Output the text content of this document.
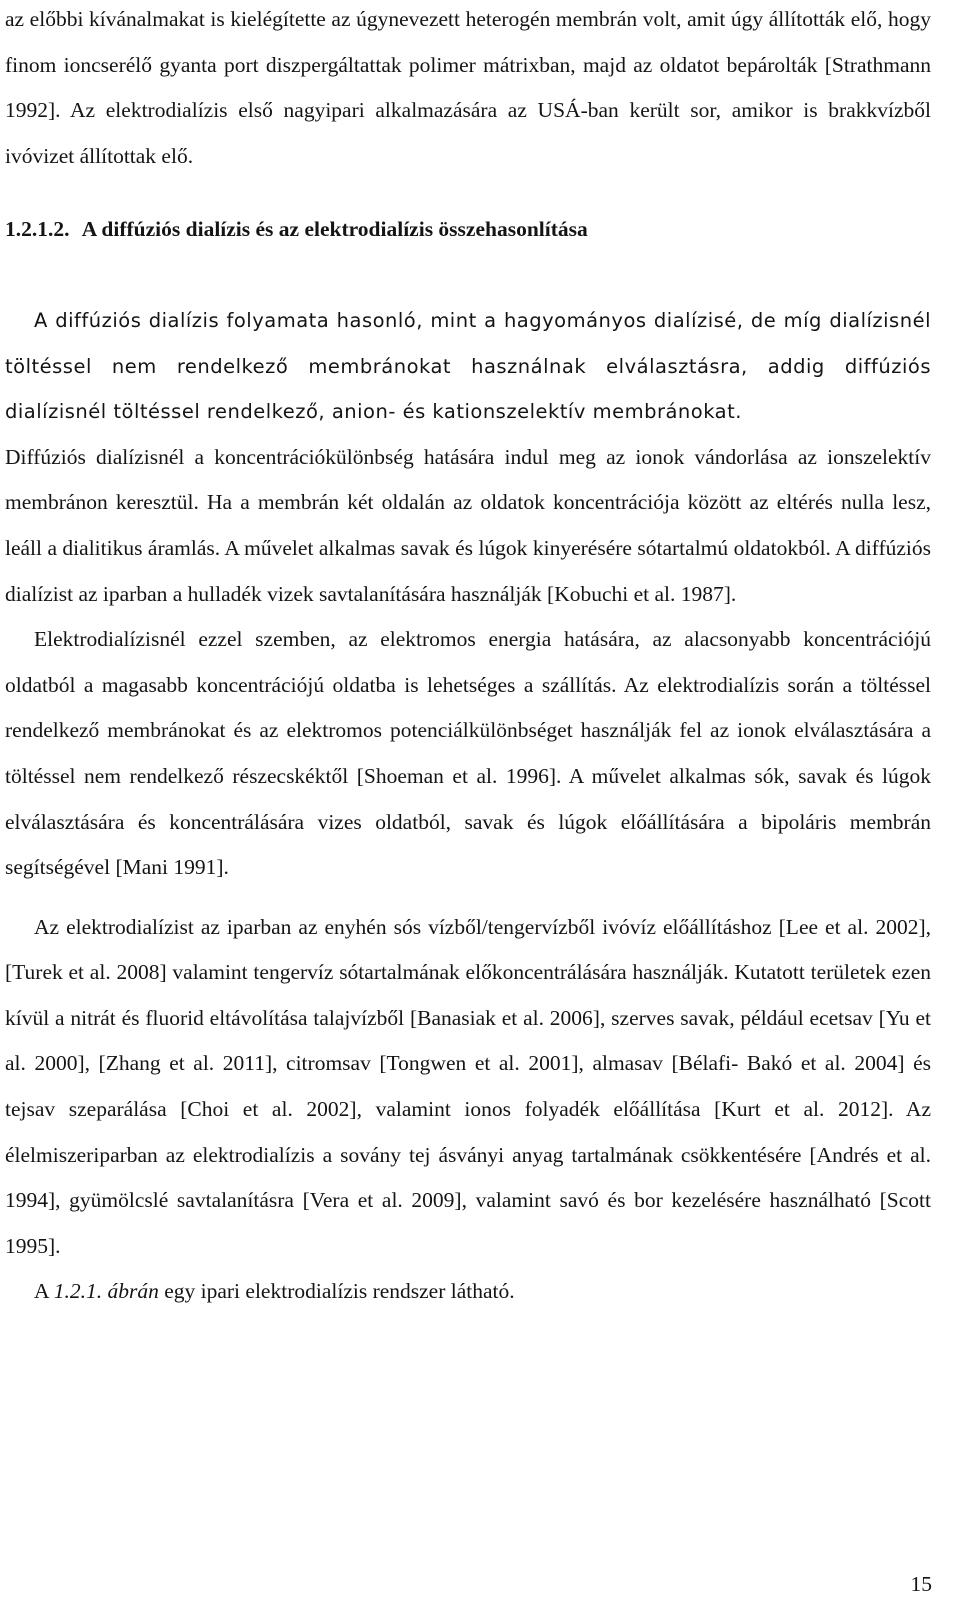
az előbbi kívánalmakat is kielégítette az úgynevezett heterogén membrán volt, amit úgy állították elő, hogy finom ioncserélő gyanta port diszpergáltattak polimer mátrixban, majd az oldatot bepárolták [Strathmann 1992]. Az elektrodialízis első nagyipari alkalmazására az USÁ-ban került sor, amikor is brakkvízből ivóvizet állítottak elő.

1.2.1.2. A diffúziós dialízis és az elektrodialízis összehasonlítása

A diffúziós dialízis folyamata hasonló, mint a hagyományos dialízisé, de míg dialízisnél töltéssel nem rendelkező membránokat használnak elválasztásra, addig diffúziós dialízisnél töltéssel rendelkező, anion- és kationszelektív membránokat.

Diffúziós dialízisnél a koncentrációkülönbség hatására indul meg az ionok vándorlása az ionszelektív membránon keresztül. Ha a membrán két oldalán az oldatok koncentrációja között az eltérés nulla lesz, leáll a dialitikus áramlás. A művelet alkalmas savak és lúgok kinyerésére sótartalmú oldatokból. A diffúziós dialízist az iparban a hulladék vizek savtalanítására használják [Kobuchi et al. 1987].

Elektrodialízisnél ezzel szemben, az elektromos energia hatására, az alacsonyabb koncentrációjú oldatból a magasabb koncentrációjú oldatba is lehetséges a szállítás. Az elektrodialízis során a töltéssel rendelkező membránokat és az elektromos potenciálkülönbséget használják fel az ionok elválasztására a töltéssel nem rendelkező részecskéktől [Shoeman et al. 1996]. A művelet alkalmas sók, savak és lúgok elválasztására és koncentrálására vizes oldatból, savak és lúgok előállítására a bipoláris membrán segítségével [Mani 1991].

Az elektrodialízist az iparban az enyhén sós vízből/tengervízből ivóvíz előállításhoz [Lee et al. 2002], [Turek et al. 2008] valamint tengervíz sótartalmának előkoncentrálására használják. Kutatott területek ezen kívül a nitrát és fluorid eltávolítása talajvízből [Banasiak et al. 2006], szerves savak, például ecetsav [Yu et al. 2000], [Zhang et al. 2011], citromsav [Tongwen et al. 2001], almasav [Bélafi- Bakó et al. 2004] és tejsav szeparálása [Choi et al. 2002], valamint ionos folyadék előállítása [Kurt et al. 2012]. Az élelmiszeriparban az elektrodialízis a sovány tej ásványi anyag tartalmának csökkentésére [Andrés et al. 1994], gyümölcslé savtalanításra [Vera et al. 2009], valamint savó és bor kezelésére használható [Scott 1995].

A 1.2.1. ábrán egy ipari elektrodialízis rendszer látható.

15
